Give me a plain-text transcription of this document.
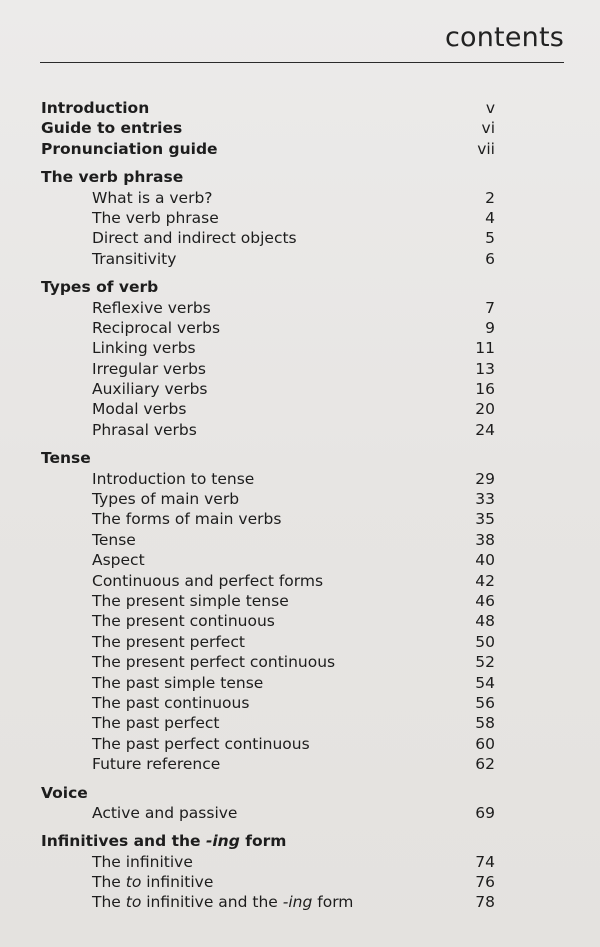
contents
Introduction	v
Guide to entries	vi
Pronunciation guide	vii
The verb phrase
What is a verb?	2
The verb phrase	4
Direct and indirect objects	5
Transitivity	6
Types of verb
Reflexive verbs	7
Reciprocal verbs	9
Linking verbs	11
Irregular verbs	13
Auxiliary verbs	16
Modal verbs	20
Phrasal verbs	24
Tense
Introduction to tense	29
Types of main verb	33
The forms of main verbs	35
Tense	38
Aspect	40
Continuous and perfect forms	42
The present simple tense	46
The present continuous	48
The present perfect	50
The present perfect continuous	52
The past simple tense	54
The past continuous	56
The past perfect	58
The past perfect continuous	60
Future reference	62
Voice
Active and passive	69
Infinitives and the -ing form
The infinitive	74
The to infinitive	76
The to infinitive and the -ing form	78
